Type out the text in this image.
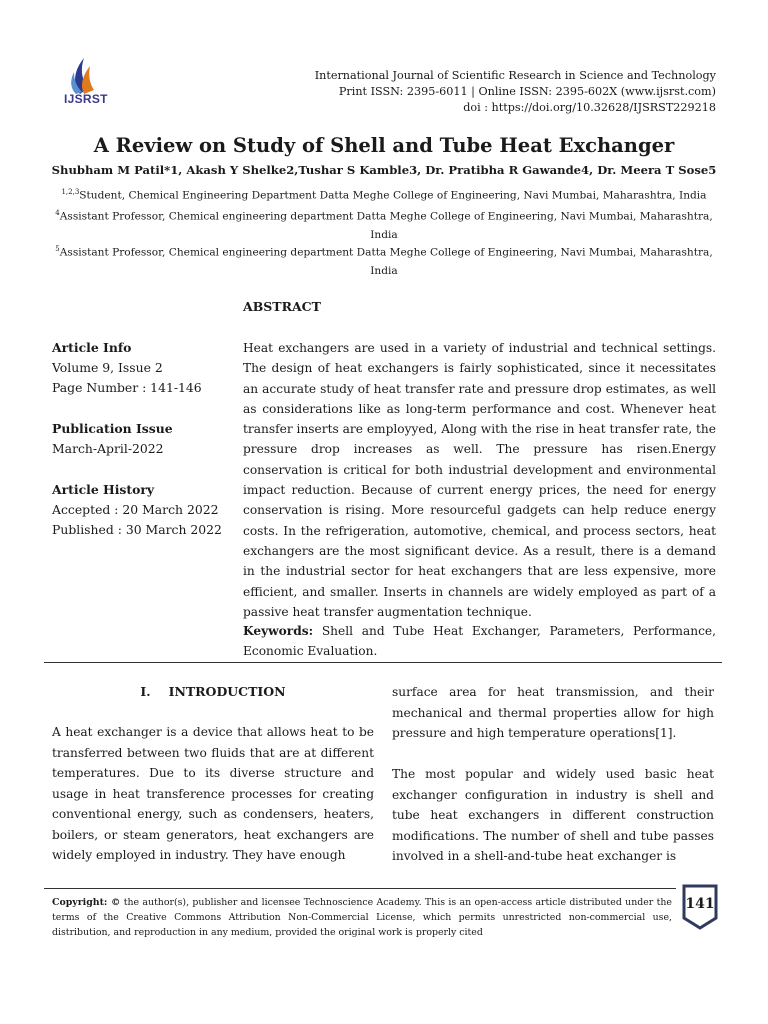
IJSRST
International Journal of Scientific Research in Science and Technology
Print ISSN: 2395-6011 | Online ISSN: 2395-602X (www.ijsrst.com)
doi : https://doi.org/10.32628/IJSRST229218
A Review on Study of Shell and Tube Heat Exchanger
Shubham M Patil*1, Akash Y Shelke2,Tushar S Kamble3, Dr. Pratibha R Gawande4, Dr. Meera T Sose5
$^{1,2,3}$Student, Chemical Engineering Department Datta Meghe College of Engineering, Navi Mumbai, Maharashtra, India
$^4$Assistant Professor, Chemical engineering department Datta Meghe College of Engineering, Navi Mumbai, Maharashtra, India
$^5$Assistant Professor, Chemical engineering department Datta Meghe College of Engineering, Navi Mumbai, Maharashtra, India
ABSTRACT
Article Info
Volume 9, Issue 2
Page Number : 141-146
Publication Issue
March-April-2022
Article History
Accepted : 20 March 2022
Published : 30 March 2022
Heat exchangers are used in a variety of industrial and technical settings. The design of heat exchangers is fairly sophisticated, since it necessitates an accurate study of heat transfer rate and pressure drop estimates, as well as considerations like as long-term performance and cost. Whenever heat transfer inserts are employyed, Along with the rise in heat transfer rate, the pressure drop increases as well. The pressure has risen.Energy conservation is critical for both industrial development and environmental impact reduction. Because of current energy prices, the need for energy conservation is rising. More resourceful gadgets can help reduce energy costs. In the refrigeration, automotive, chemical, and process sectors, heat exchangers are the most significant device. As a result, there is a demand in the industrial sector for heat exchangers that are less expensive, more efficient, and smaller. Inserts in channels are widely employed as part of a passive heat transfer augmentation technique.
Keywords: Shell and Tube Heat Exchanger, Parameters, Performance, Economic Evaluation.
I. INTRODUCTION
A heat exchanger is a device that allows heat to be transferred between two fluids that are at different temperatures. Due to its diverse structure and usage in heat transference processes for creating conventional energy, such as condensers, heaters, boilers, or steam generators, heat exchangers are widely employed in industry. They have enough
surface area for heat transmission, and their mechanical and thermal properties allow for high pressure and high temperature operations[1].
The most popular and widely used basic heat exchanger configuration in industry is shell and tube heat exchangers in different construction modifications. The number of shell and tube passes involved in a shell-and-tube heat exchanger is
Copyright: © the author(s), publisher and licensee Technoscience Academy. This is an open-access article distributed under the terms of the Creative Commons Attribution Non-Commercial License, which permits unrestricted non-commercial use, distribution, and reproduction in any medium, provided the original work is properly cited
141
